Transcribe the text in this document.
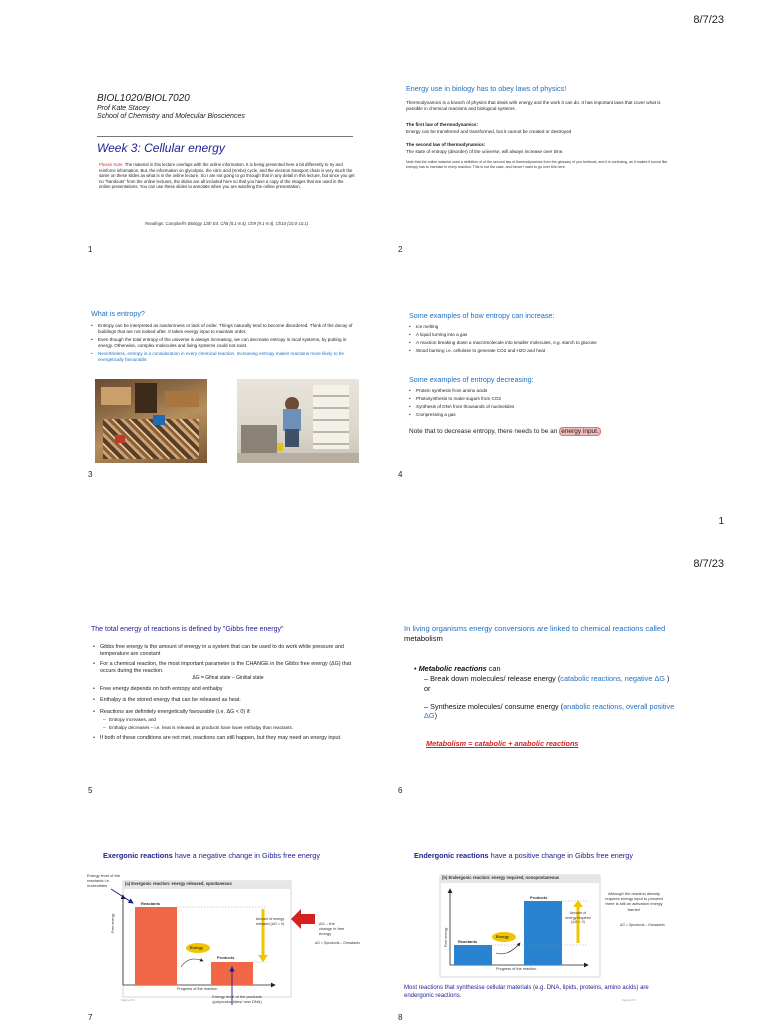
8/7/23
1
8/7/23
BIOL1020/BIOL7020
Prof Kate Stacey
School of Chemistry and Molecular Biosciences
Week 3: Cellular energy
Please Note: The material in this lecture overlaps with the online information. It is being presented here a bit differently to try and reinforce information. But, the information on glycolysis, the citric acid (Krebs) cycle, and the electron transport chain is very much the same on these slides as what is in the online lecture. So I am not going to go through that in any detail in this lecture, but since you get no "handouts" from the online lectures, the slides are all included here so that you have a copy of the images that are used in the online presentations. You can use these slides to annotate when you are watching the online presentation.
Readings: Campbell's Biology 12th Ed. Ch8 (8.1-8.4), Ch9 (9.1-9.4), Ch10 (10.0-10.1)
1
Energy use in biology has to obey laws of physics!
Thermodynamics is a branch of physics that deals with energy and the work it can do. It has important laws that cover what is possible in chemical reactions and biological systems.
The first law of thermodynamics:
Energy can be transferred and transformed, but it cannot be created or destroyed
The second law of thermodynamics:
The state of entropy (disorder) of the universe, will always increase over time.
Note that the online material used a definition of of the second law of thermodynamics from the glossary of you textbook, and it is confusing, as it makes it sound like entropy has to increase in every reaction. This is not the case, and hence I want to go over this here.
2
What is entropy?
• Entropy can be interpreted as randomness or lack of order. Things naturally tend to become disordered. Think of the decay of buildings that are not looked after. It takes energy input to maintain order.
• Even though the total entropy of the universe is always increasing, we can decrease entropy in local systems, by putting in energy. Otherwise, complex molecules and living systems could not exist.
• Nevertheless, entropy is a consideration in every chemical reaction. Increasing entropy makes reactions more likely to be energetically favourable.
3
Some examples of how entropy can increase:
• Ice melting
• A liquid turning into a gas
• A reaction breaking down a macromolecule into smaller molecules, e.g. starch to glucose
• Wood burning i.e. cellulose to generate CO2 and H2O and heat
Some examples of entropy decreasing:
• Protein synthesis from amino acids
• Photosynthesis to make sugars from CO2
• Synthesis of DNA from thousands of nucleotides
• Compressing a gas
Note that to decrease entropy, there needs to be an energy input.
4
The total energy of reactions is defined by "Gibbs free energy"
• Gibbs free energy is the amount of energy in a system that can be used to do work while pressure and temperature are constant
• For a chemical reaction, the most important parameter is the CHANGE in the Gibbs free energy (ΔG) that occurs during the reaction.
ΔG = Gfinal state – Ginitial state
• Free energy depends on both entropy and enthalpy
• Enthalpy is the stored energy that can be released as heat.
• Reactions are definitely energetically favourable (i.e. ΔG < 0) if:
– Entropy increases, and
– Enthalpy decreases – i.e. heat is released as products have lower enthalpy than reactants.
• If both of these conditions are not met, reactions can still happen, but they may need an energy input.
5
In living organisms energy conversions are linked to chemical reactions called metabolism
• Metabolic reactions can
– Break down molecules/ release energy (catabolic reactions, negative ΔG ) or
– Synthesize molecules/ consume energy (anabolic reactions, overall positive ΔG)
Metabolism = catabolic + anabolic reactions
6
Exergonic reactions have a negative change in Gibbs free energy
Energy level of the reactants i.e. nucleotides	(a) Exergonic reaction: energy released, spontaneous
Reactants
Products
Energy
Amount of energy released (ΔG < 0)
Free energy
Progress of the reaction
ΔG – the change in free energy
ΔG = Gproducts – Greactants
Energy level of the products (polynucleotides/ new DNA)
Figure 8.6
7
Endergonic reactions have a positive change in Gibbs free energy
(b) Endergonic reaction: energy required, nonspontaneous
Reactants
Products
Energy
Amount of energy required (ΔG > 0)
Free energy
Progress of the reaction
Although the reaction already requires energy input to proceed there is still an activation energy barrier!
ΔG = Gproducts – Greactants
Most reactions that synthesise cellular materials (e.g. DNA, lipids, proteins, amino acids) are endergonic reactions.
Figure 8.6
8
